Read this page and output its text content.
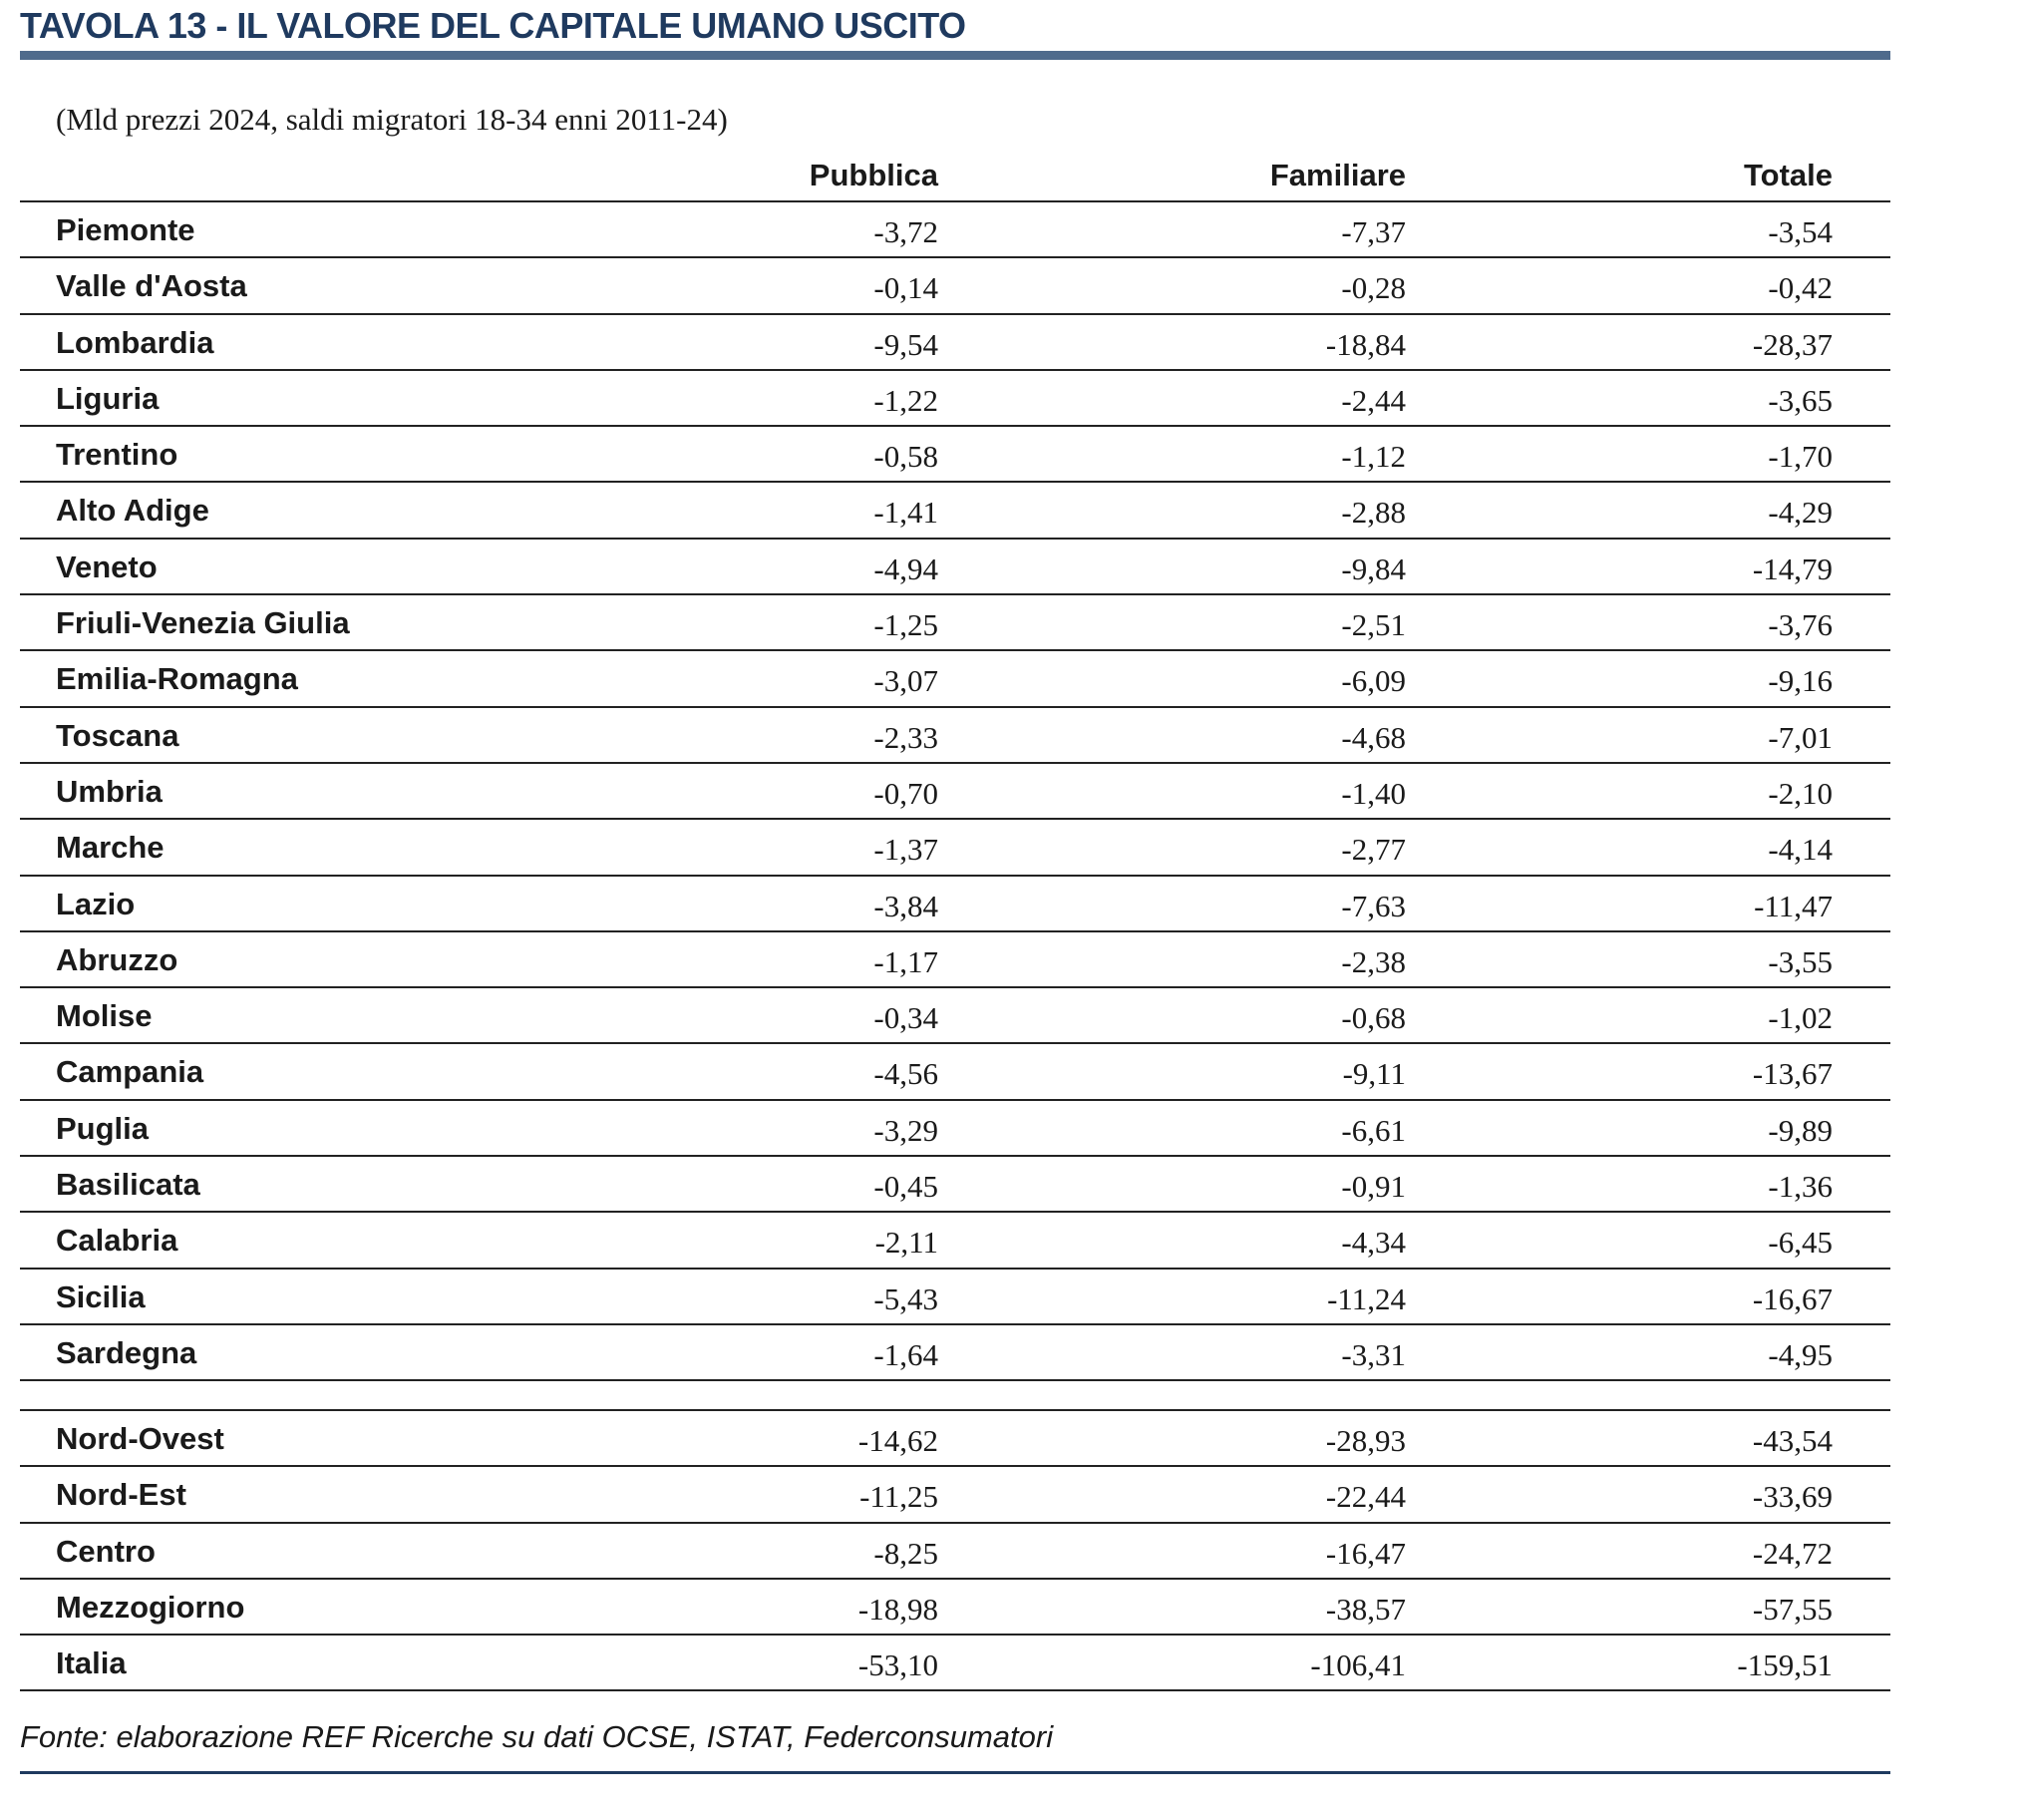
TAVOLA 13 - IL VALORE DEL CAPITALE UMANO USCITO
(Mld prezzi 2024, saldi migratori 18-34 enni 2011-24)
Pubblica	Familiare	Totale
Piemonte	-3,72	-7,37	-3,54
Valle d'Aosta	-0,14	-0,28	-0,42
Lombardia	-9,54	-18,84	-28,37
Liguria	-1,22	-2,44	-3,65
Trentino	-0,58	-1,12	-1,70
Alto Adige	-1,41	-2,88	-4,29
Veneto	-4,94	-9,84	-14,79
Friuli-Venezia Giulia	-1,25	-2,51	-3,76
Emilia-Romagna	-3,07	-6,09	-9,16
Toscana	-2,33	-4,68	-7,01
Umbria	-0,70	-1,40	-2,10
Marche	-1,37	-2,77	-4,14
Lazio	-3,84	-7,63	-11,47
Abruzzo	-1,17	-2,38	-3,55
Molise	-0,34	-0,68	-1,02
Campania	-4,56	-9,11	-13,67
Puglia	-3,29	-6,61	-9,89
Basilicata	-0,45	-0,91	-1,36
Calabria	-2,11	-4,34	-6,45
Sicilia	-5,43	-11,24	-16,67
Sardegna	-1,64	-3,31	-4,95
Nord-Ovest	-14,62	-28,93	-43,54
Nord-Est	-11,25	-22,44	-33,69
Centro	-8,25	-16,47	-24,72
Mezzogiorno	-18,98	-38,57	-57,55
Italia	-53,10	-106,41	-159,51
Fonte: elaborazione REF Ricerche su dati OCSE, ISTAT, Federconsumatori
